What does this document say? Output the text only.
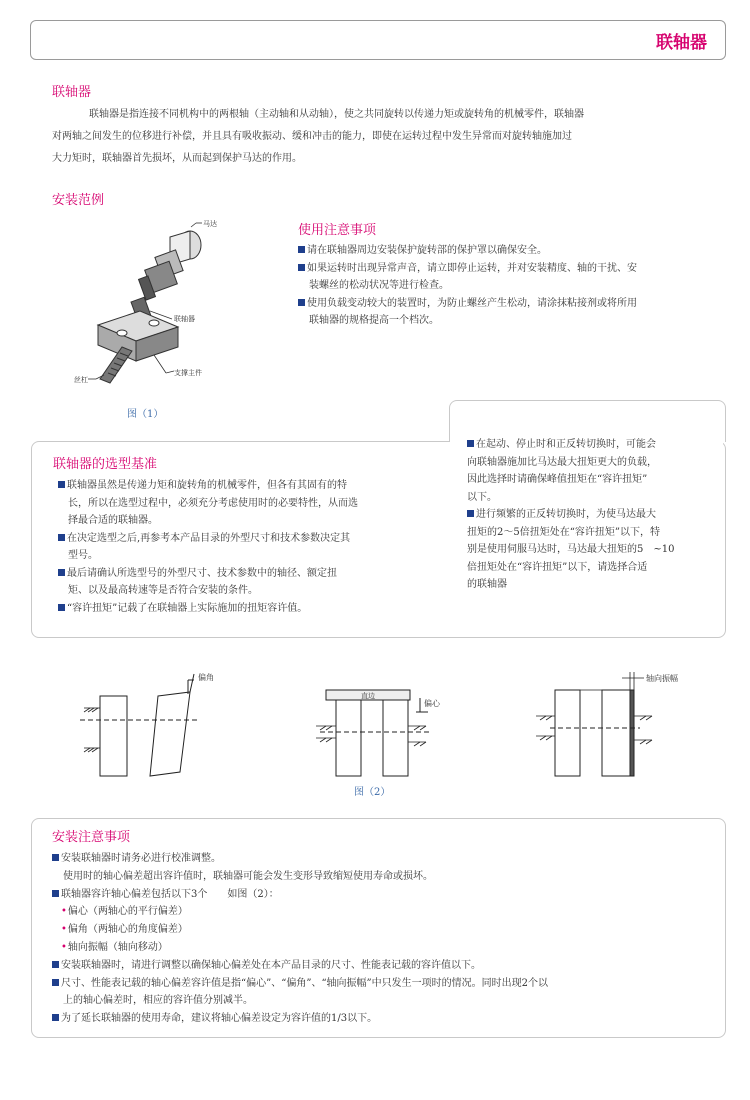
联轴器
联轴器
联轴器是指连接不同机构中的两根轴（主动轴和从动轴），使之共同旋转以传递力矩或旋转角的机械零件，联轴器
对两轴之间发生的位移进行补偿，并且具有吸收振动、缓和冲击的能力，即使在运转过程中发生异常而对旋转轴施加过
大力矩时，联轴器首先损坏，从而起到保护马达的作用。
安装范例
马达
联轴器
支撑主件
丝杠
图（1）
使用注意事项
请在联轴器周边安装保护旋转部的保护罩以确保安全。
如果运转时出现异常声音，请立即停止运转，并对安装精度、轴的干扰、安
装螺丝的松动状况等进行检查。
使用负载变动较大的装置时，为防止螺丝产生松动，请涂抹粘接剂或将所用
联轴器的规格提高一个档次。
联轴器的选型基准
联轴器虽然是传递力矩和旋转角的机械零件，但各有其固有的特
长，所以在选型过程中，必须充分考虑使用时的必要特性，从而选
择最合适的联轴器。
在决定选型之后,再参考本产品目录的外型尺寸和技术参数决定其
型号。
最后请确认所选型号的外型尺寸、技术参数中的轴径、额定扭
矩、以及最高转速等是否符合安装的条件。
“容许扭矩”记载了在联轴器上实际施加的扭矩容许值。
在起动、停止时和正反转切换时，可能会
向联轴器施加比马达最大扭矩更大的负载，
因此选择时请确保峰值扭矩在“容许扭矩”
以下。
进行频繁的正反转切换时，为使马达最大
扭矩的2～5倍扭矩处在“容许扭矩”以下，特
别是使用伺服马达时，马达最大扭矩的5　~10
倍扭矩处在“容许扭矩”以下，请选择合适
的联轴器
偏角
直边
偏心
轴向振幅
图（2）
安装注意事项
安装联轴器时请务必进行校准调整。
使用时的轴心偏差超出容许值时，联轴器可能会发生变形导致缩短使用寿命或损坏。
联轴器容许轴心偏差包括以下3个　　如图（2）：
•偏心（两轴心的平行偏差）
•偏角（两轴心的角度偏差）
•轴向振幅（轴向移动）
安装联轴器时，请进行调整以确保轴心偏差处在本产品目录的尺寸、性能表记载的容许值以下。
尺寸、性能表记载的轴心偏差容许值是指“偏心”、“偏角”、“轴向振幅”中只发生一项时的情况。同时出现2个以
上的轴心偏差时，相应的容许值分别减半。
为了延长联轴器的使用寿命，建议将轴心偏差设定为容许值的1/3以下。
